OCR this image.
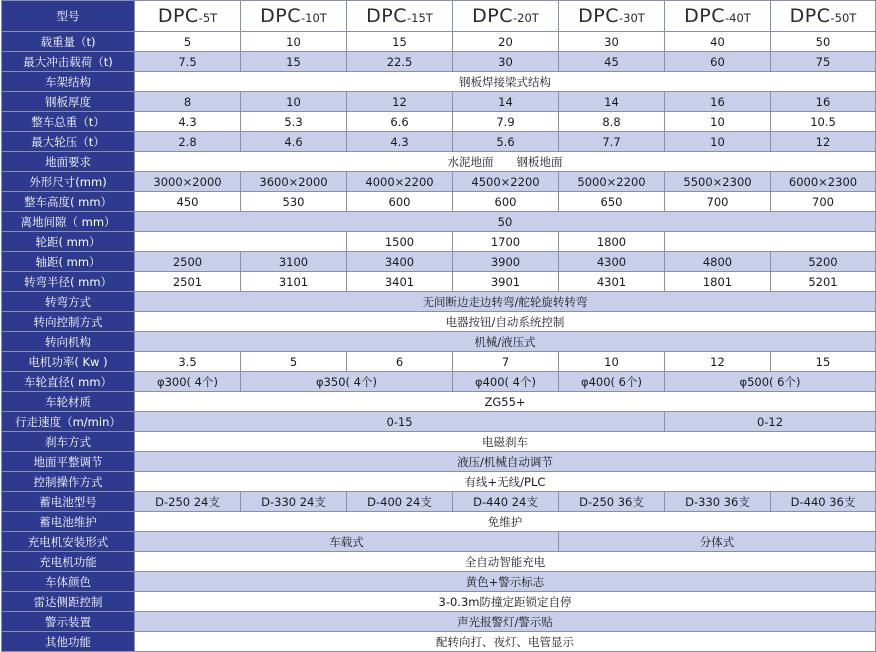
型号	DPC-5T	DPC-10T	DPC-15T	DPC-20T	DPC-30T	DPC-40T	DPC-50T
载重量（t)	5	10	15	20	30	40	50
最大冲击载荷（t)	7.5	15	22.5	30	45	60	75
车架结构	钢板焊接梁式结构						
钢板厚度	8	10	12	14	14	16	16
整车总重（t）	4.3	5.3	6.6	7.9	8.8	10	10.5
最大轮压（t）	2.8	4.6	4.3	5.6	7.7	10	12
地面要求	水泥地面　　钢板地面						
外形尺寸(mm)	3000×2000	3600×2000	4000×2200	4500×2200	5000×2200	5500×2300	6000×2300
整车高度( mm）	450	530	600	600	650	700	700
离地间隙（ mm）	50						
轮距( mm）			1500	1700	1800		
轴距( mm）	2500	3100	3400	3900	4300	4800	5200
转弯半径( mm）	2501	3101	3401	3901	4301	1801	5201
转弯方式	无间断边走边转弯/舵轮旋转转弯						
转向控制方式	电器按钮/自动系统控制						
转向机构	机械/液压式						
电机功率( Kw )	3.5	5	6	7	10	12	15
车轮直径( mm）	φ300( 4个)	φ350( 4个)		φ400( 4个)	φ400( 6个)	φ500( 6个)	
车轮材质	ZG55+						
行走速度（m/min）	0-15					0-12	
刹车方式	电磁刹车						
地面平整调节	液压/机械自动调节						
控制操作方式	有线+无线/PLC						
蓄电池型号	D-250 24支	D-330 24支	D-400 24支	D-440 24支	D-250 36支	D-330 36支	D-440 36支
蓄电池维护	免维护						
充电机安装形式	车载式				分体式		
充电机功能	全自动智能充电						
车体颜色	黄色+警示标志						
雷达侧距控制	3-0.3m防撞定距锁定自停						
警示装置	声光报警灯/警示贴						
其他功能	配转向打、夜灯、电管显示						
